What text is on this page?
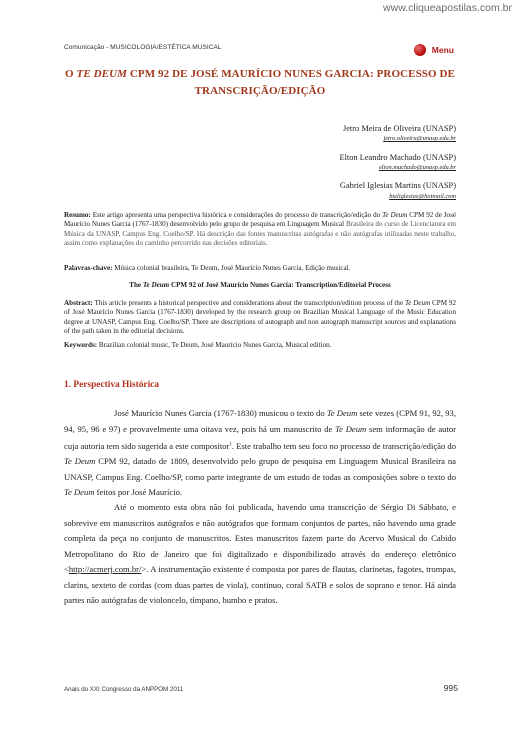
www.cliqueapostilas.com.br
Comunicação - MUSICOLOGIA/ESTÉTICA MUSICAL	Menu
O TE DEUM CPM 92 DE JOSÉ MAURÍCIO NUNES GARCIA: PROCESSO DE
TRANSCRIÇÃO/EDIÇÃO
Jetro Meira de Oliveira (UNASP)
jetro.oliveira@unasp.edu.br
Elton Leandro Machado (UNASP)
elton.machado@unasp.edu.br
Gabriel Iglesias Martins (UNASP)
bieliglesias@hotmail.com
Resumo: Este artigo apresenta uma perspectiva histórica e considerações do processo de transcrição/edição do Te Deum CPM 92 de José Maurício Nunes Garcia (1767-1830) desenvolvido pelo grupo de pesquisa em Linguagem Musical Brasileira do curso de Licenciatura em Música da UNASP, Campus Eng. Coelho/SP. Há descrição das fontes manuscritas autógrafas e não autógrafas utilizadas neste trabalho, assim como explanações do caminho percorrido nas decisões editoriais.
Palavras-chave: Música colonial brasileira, Te Deum, José Maurício Nunes Garcia, Edição musical.
The Te Deum CPM 92 of José Maurício Nunes Garcia: Transcription/Editorial Process
Abstract: This article presents a historical perspective and considerations about the transcription/edition process of the Te Deum CPM 92 of José Maurício Nunes Garcia (1767-1830) developed by the research group on Brazilian Musical Language of the Music Education degree at UNASP, Campus Eng. Coelho/SP. There are descriptions of autograph and non autograph manuscript sources and explanations of the path taken in the editorial decisions.
Keywords: Brazilian colonial music, Te Deum, José Maurício Nunes Garcia, Musical edition.
1. Perspectiva Histórica
José Maurício Nunes Garcia (1767-1830) musicou o texto do Te Deum sete vezes (CPM 91, 92, 93, 94, 95, 96 e 97) e provavelmente uma oitava vez, pois há um manuscrito de Te Deum sem informação de autor cuja autoria tem sido sugerida a este compositor$^1$. Este trabalho tem seu foco no processo de transcrição/edição do Te Deum CPM 92, datado de 1809, desenvolvido pelo grupo de pesquisa em Linguagem Musical Brasileira na UNASP, Campus Eng. Coelho/SP, como parte integrante de um estudo de todas as composições sobre o texto do Te Deum feitos por José Maurício.
Até o momento esta obra não foi publicada, havendo uma transcrição de Sérgio Di Sábbato, e sobrevive em manuscritos autógrafos e não autógrafos que formam conjuntos de partes, não havendo uma grade completa da peça no conjunto de manuscritos. Estes manuscritos fazem parte do Acervo Musical do Cabido Metropolitano do Rio de Janeiro que foi digitalizado e disponibilizado através do endereço eletrônico <http://acmerj.com.br/>. A instrumentação existente é composta por pares de flautas, clarinetas, fagotes, trompas, clarins, sexteto de cordas (com duas partes de viola), continuo, coral SATB e solos de soprano e tenor. Há ainda partes não autógrafas de violoncelo, tímpano, bumbo e pratos.
Anais do XXI Congresso da ANPPOM 2011	995
